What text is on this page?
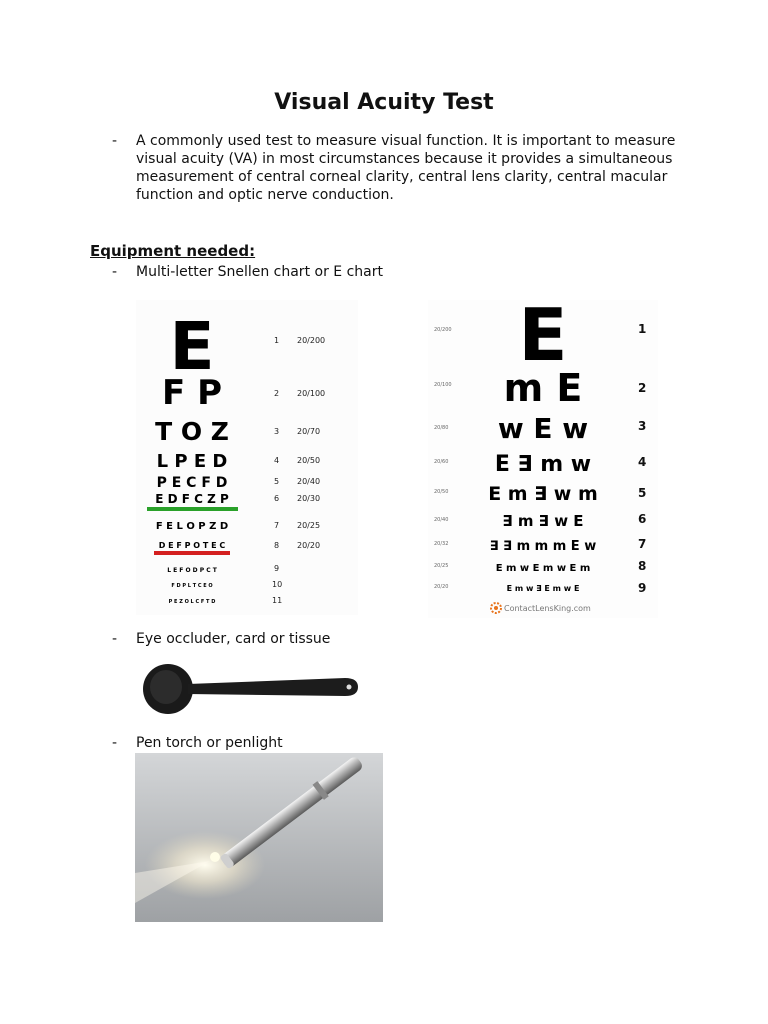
Visual Acuity Test
- A commonly used test to measure visual function. It is important to measure
visual acuity (VA) in most circumstances because it provides a simultaneous
measurement of central corneal clarity, central lens clarity, central macular
function and optic nerve conduction.
Equipment needed:
- Multi-letter Snellen chart or E chart
E
F P
T O Z
L P E D
P E C F D
E D F C Z P
F E L O P Z D
D E F P O T E C
L E F O D P C T
F D P L T C E O
P E Z O L C F T D
1
2
3
4
5
6
7
8
9
10
11
20/200
20/100
20/70
20/50
20/40
20/30
20/25
20/20
20/200
20/100
20/80
20/60
20/50
20/40
20/32
20/25
20/20
E
m E
w E w
E ∃ m w
E m ∃ w m
∃ m ∃ w E
∃ ∃ m m m E w
E m w E m w E m
E m w ∃ E m w E
1
2
3
4
5
6
7
8
9
ContactLensKing.com
- Eye occluder, card or tissue
- Pen torch or penlight
